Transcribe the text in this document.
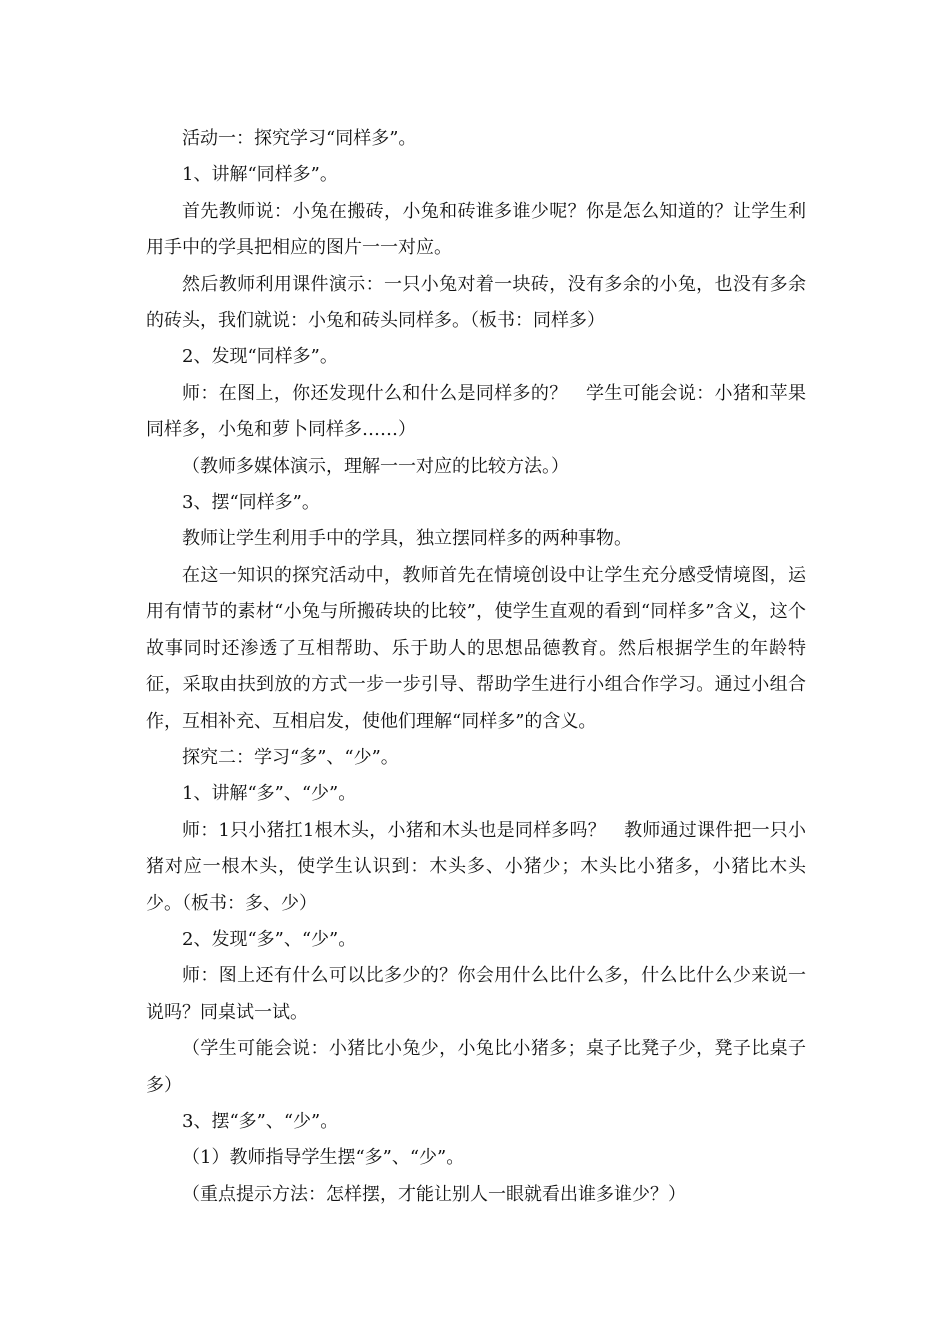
活动一：探究学习“同样多”。

1、讲解“同样多”。

首先教师说：小兔在搬砖，小兔和砖谁多谁少呢？你是怎么知道的？让学生利用手中的学具把相应的图片一一对应。

然后教师利用课件演示：一只小兔对着一块砖，没有多余的小兔，也没有多余的砖头，我们就说：小兔和砖头同样多。（板书：同样多）

2、发现“同样多”。

师：在图上，你还发现什么和什么是同样多的？　学生可能会说：小猪和苹果同样多，小兔和萝卜同样多……）

（教师多媒体演示，理解一一对应的比较方法。）

3、摆“同样多”。

教师让学生利用手中的学具，独立摆同样多的两种事物。

在这一知识的探究活动中，教师首先在情境创设中让学生充分感受情境图，运用有情节的素材“小兔与所搬砖块的比较”，使学生直观的看到“同样多”含义，这个故事同时还渗透了互相帮助、乐于助人的思想品德教育。然后根据学生的年龄特征，采取由扶到放的方式一步一步引导、帮助学生进行小组合作学习。通过小组合作，互相补充、互相启发，使他们理解“同样多”的含义。

探究二：学习“多”、“少”。

1、讲解“多”、“少”。

师：1只小猪扛1根木头，小猪和木头也是同样多吗？　教师通过课件把一只小猪对应一根木头，使学生认识到：木头多、小猪少；木头比小猪多，小猪比木头少。（板书：多、少）

2、发现“多”、“少”。

师：图上还有什么可以比多少的？你会用什么比什么多，什么比什么少来说一说吗？同桌试一试。

（学生可能会说：小猪比小兔少，小兔比小猪多；桌子比凳子少，凳子比桌子多）

3、摆“多”、“少”。

（1）教师指导学生摆“多”、“少”。

（重点提示方法：怎样摆，才能让别人一眼就看出谁多谁少？）
